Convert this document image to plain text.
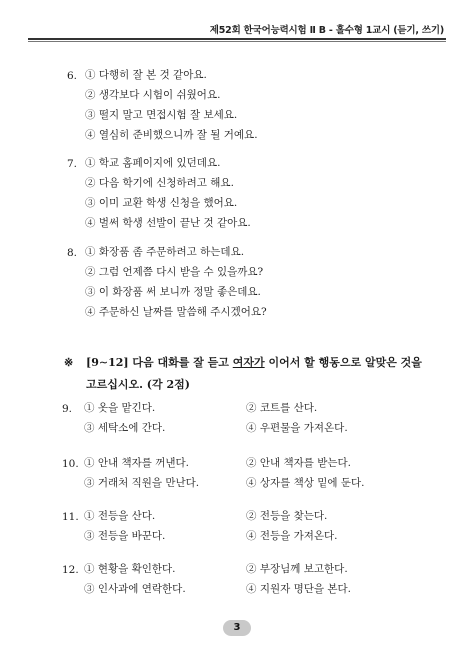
제52회 한국어능력시험 Ⅱ B - 홀수형 1교시 (듣기, 쓰기)
6. ① 다행히 잘 본 것 같아요.
② 생각보다 시험이 쉬웠어요.
③ 떨지 말고 면접시험 잘 보세요.
④ 열심히 준비했으니까 잘 될 거예요.
7. ① 학교 홈페이지에 있던데요.
② 다음 학기에 신청하려고 해요.
③ 이미 교환 학생 신청을 했어요.
④ 벌써 학생 선발이 끝난 것 같아요.
8. ① 화장품 좀 주문하려고 하는데요.
② 그럼 언제쯤 다시 받을 수 있을까요?
③ 이 화장품 써 보니까 정말 좋은데요.
④ 주문하신 날짜를 말씀해 주시겠어요?
※ [9∼12] 다음 대화를 잘 듣고 여자가 이어서 할 행동으로 알맞은 것을
고르십시오. (각 2점)
9. ① 옷을 맡긴다.	② 코트를 산다.
③ 세탁소에 간다.	④ 우편물을 가져온다.
10. ① 안내 책자를 꺼낸다.	② 안내 책자를 받는다.
③ 거래처 직원을 만난다.	④ 상자를 책상 밑에 둔다.
11. ① 전등을 산다.	② 전등을 찾는다.
③ 전등을 바꾼다.	④ 전등을 가져온다.
12. ① 현황을 확인한다.	② 부장님께 보고한다.
③ 인사과에 연락한다.	④ 지원자 명단을 본다.
3
